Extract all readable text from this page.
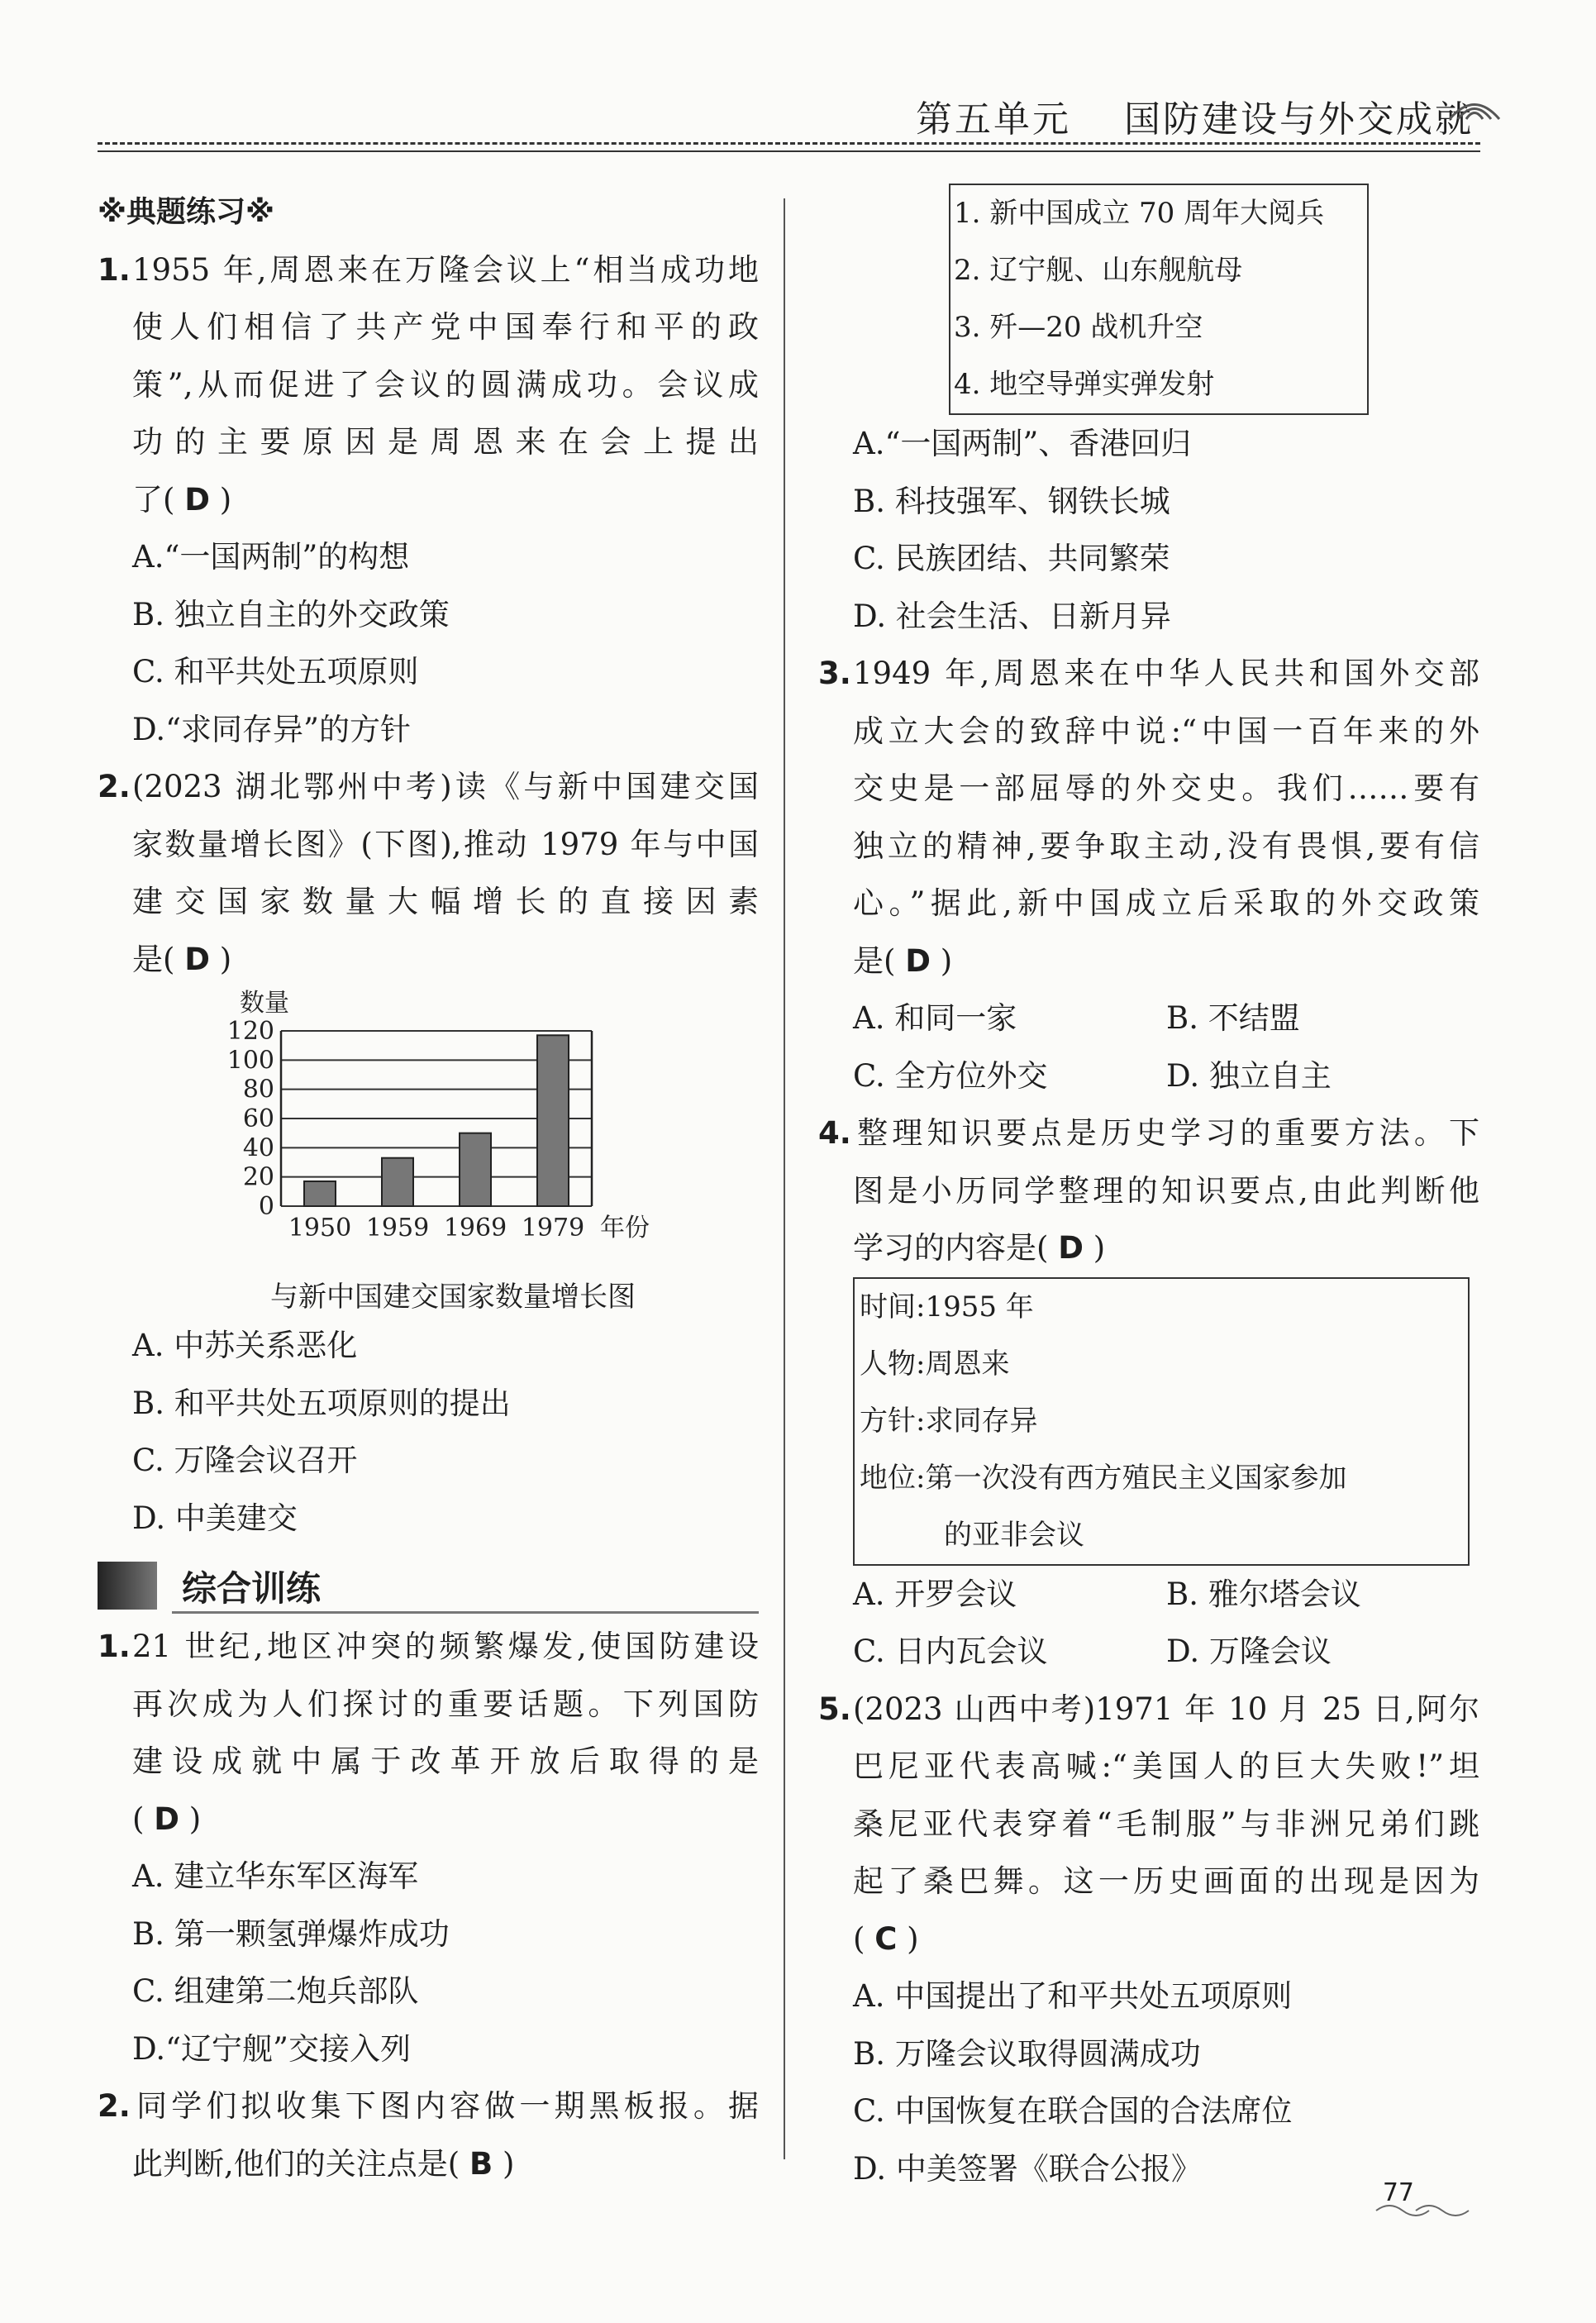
第五单元 国防建设与外交成就
※典题练习※
1.1955 年,周恩来在万隆会议上“相当成功地
使人们相信了共产党中国奉行和平的政
策”,从而促进了会议的圆满成功。会议成
功的主要原因是周恩来在会上提出
了( D )
A.“一国两制”的构想
B. 独立自主的外交政策
C. 和平共处五项原则
D.“求同存异”的方针
2.(2023 湖北鄂州中考)读《与新中国建交国
家数量增长图》(下图),推动 1979 年与中国
建交国家数量大幅增长的直接因素
是( D )
0
20
40
60
80
100
120
数量
1950 1959 1969 1979 年份
与新中国建交国家数量增长图
A. 中苏关系恶化
B. 和平共处五项原则的提出
C. 万隆会议召开
D. 中美建交
综合训练
1.21 世纪,地区冲突的频繁爆发,使国防建设
再次成为人们探讨的重要话题。下列国防
建设成就中属于改革开放后取得的是
( D )
A. 建立华东军区海军
B. 第一颗氢弹爆炸成功
C. 组建第二炮兵部队
D.“辽宁舰”交接入列
2.同学们拟收集下图内容做一期黑板报。据
此判断,他们的关注点是( B )
1. 新中国成立 70 周年大阅兵
2. 辽宁舰、山东舰航母
3. 歼—20 战机升空
4. 地空导弹实弹发射
A.“一国两制”、香港回归
B. 科技强军、钢铁长城
C. 民族团结、共同繁荣
D. 社会生活、日新月异
3.1949 年,周恩来在中华人民共和国外交部
成立大会的致辞中说:“中国一百年来的外
交史是一部屈辱的外交史。我们……要有
独立的精神,要争取主动,没有畏惧,要有信
心。”据此,新中国成立后采取的外交政策
是( D )
A. 和同一家	B. 不结盟
C. 全方位外交	D. 独立自主
4.整理知识要点是历史学习的重要方法。下
图是小历同学整理的知识要点,由此判断他
学习的内容是( D )
时间:1955 年
人物:周恩来
方针:求同存异
地位:第一次没有西方殖民主义国家参加
的亚非会议
A. 开罗会议	B. 雅尔塔会议
C. 日内瓦会议	D. 万隆会议
5.(2023 山西中考)1971 年 10 月 25 日,阿尔
巴尼亚代表高喊:“美国人的巨大失败!”坦
桑尼亚代表穿着“毛制服”与非洲兄弟们跳
起了桑巴舞。这一历史画面的出现是因为
( C )
A. 中国提出了和平共处五项原则
B. 万隆会议取得圆满成功
C. 中国恢复在联合国的合法席位
D. 中美签署《联合公报》
77
